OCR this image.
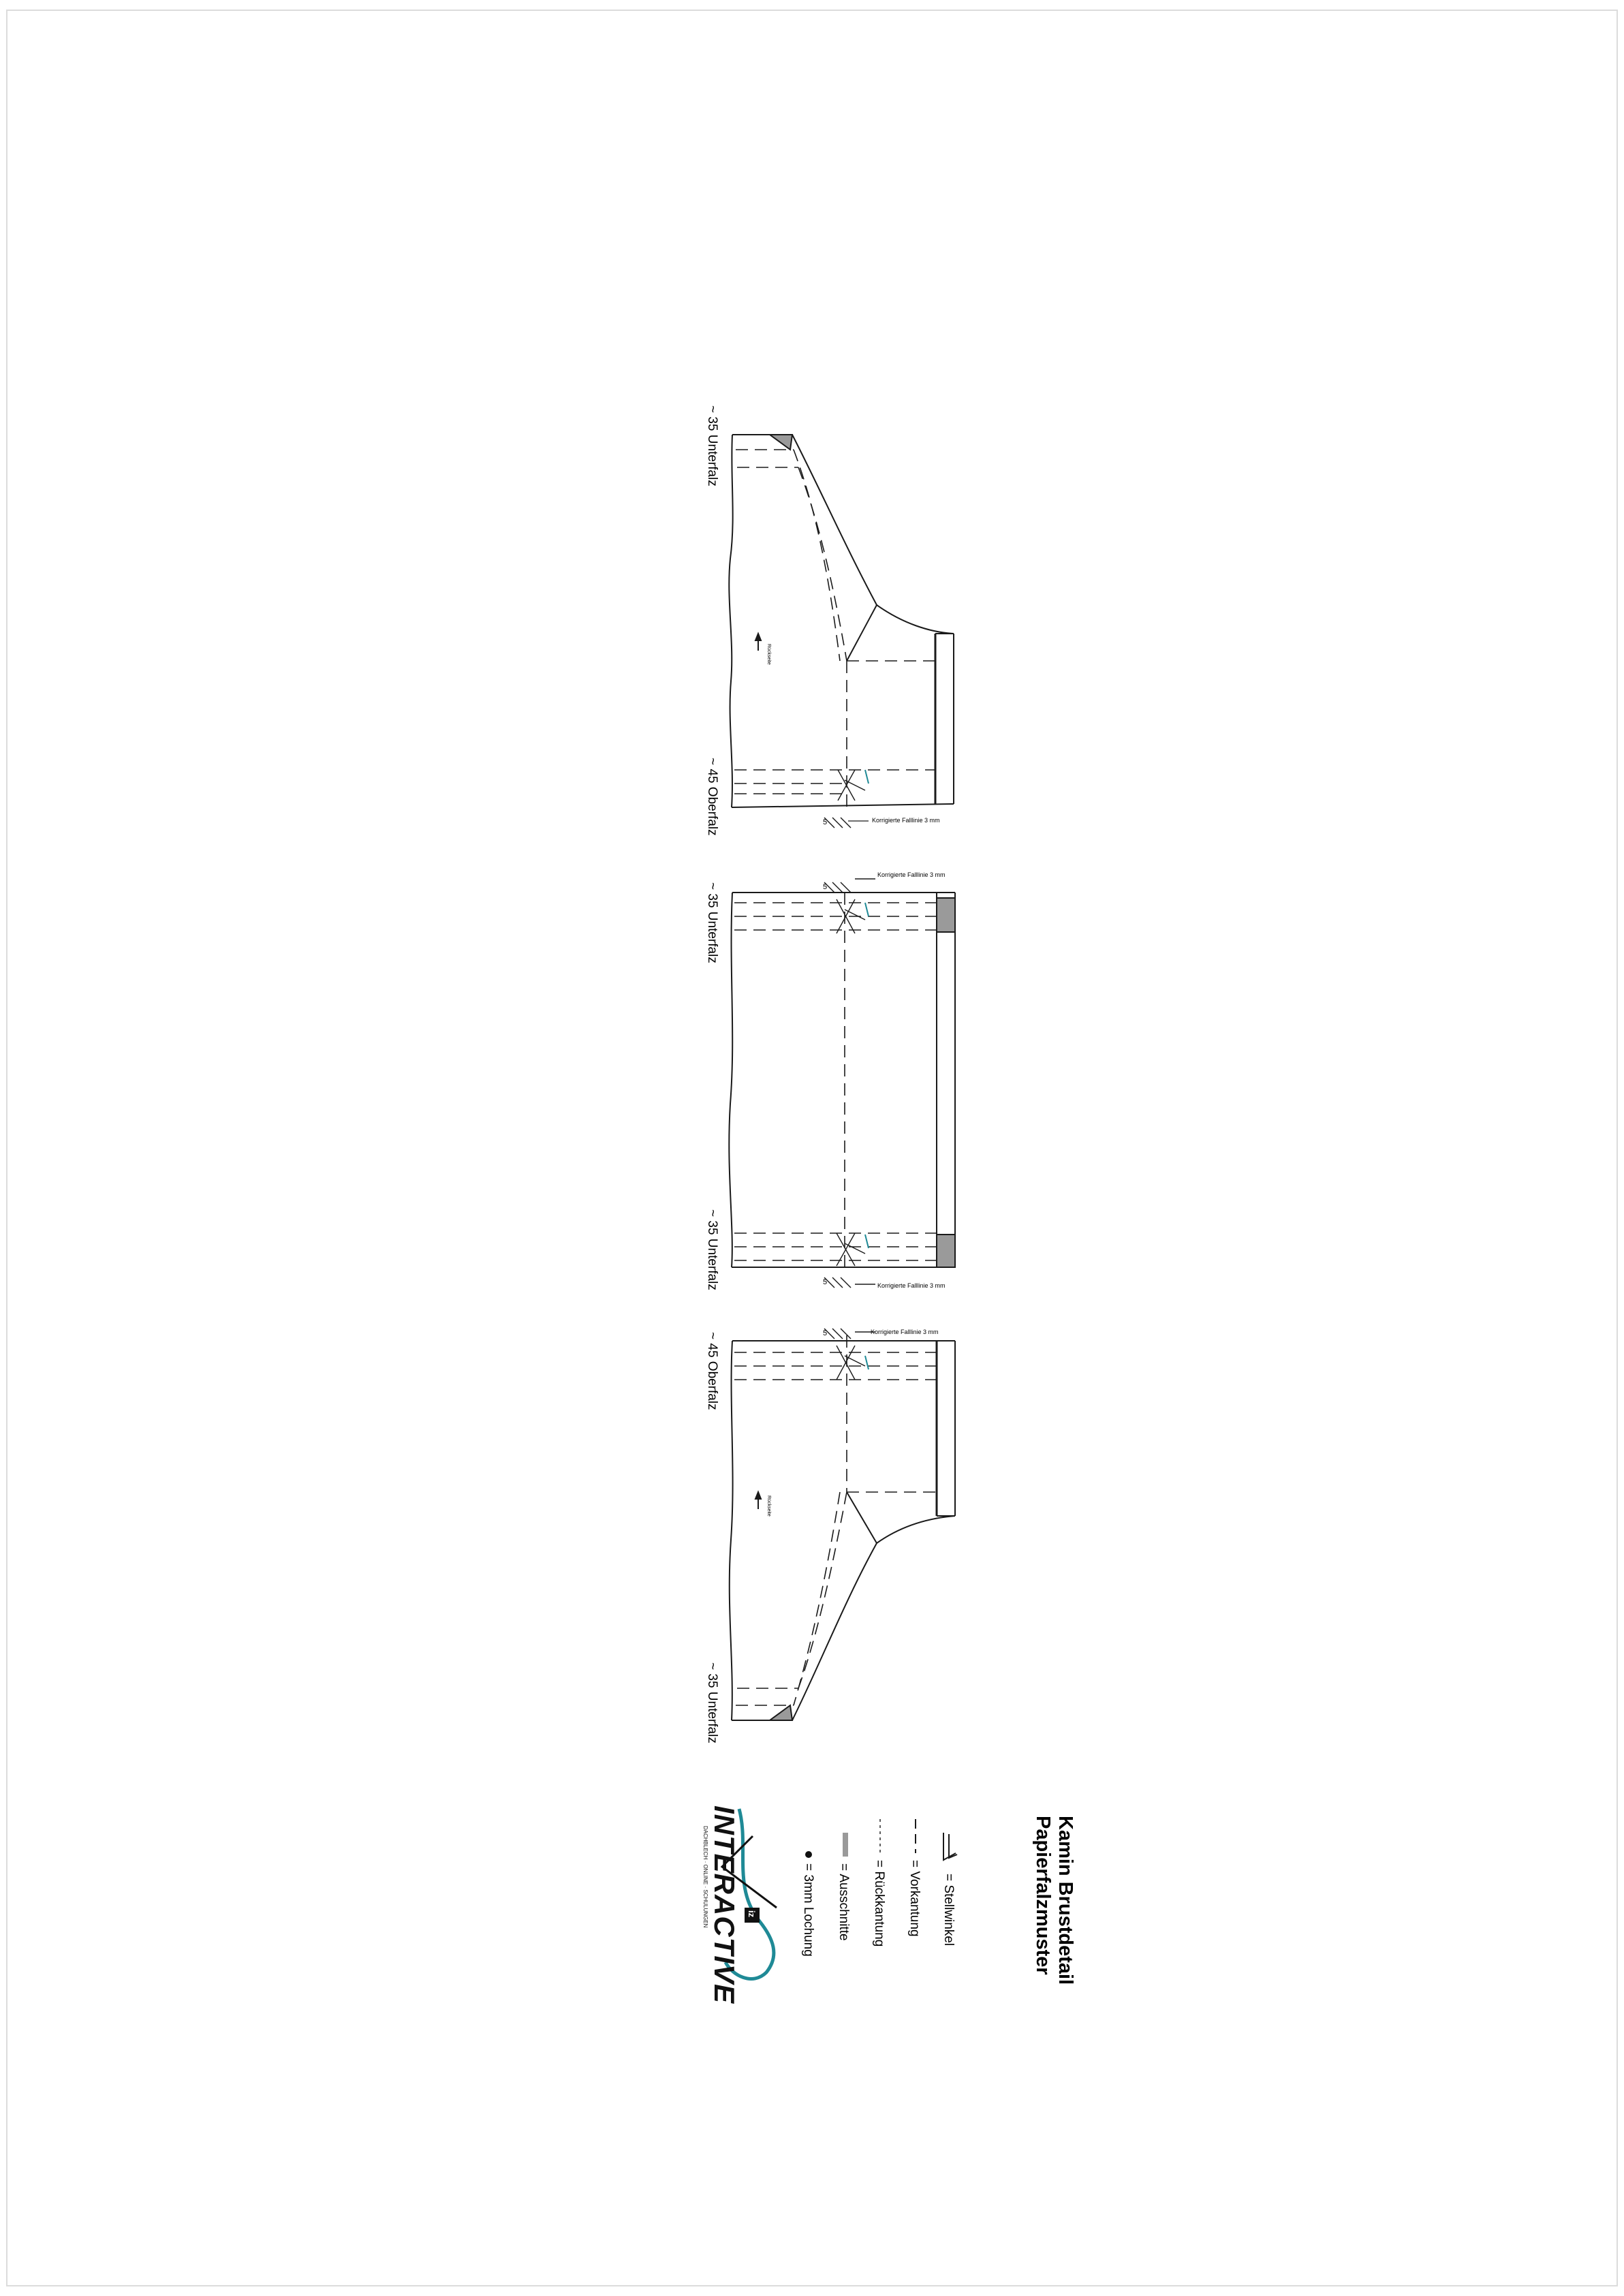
~ 35 Unterfalz
~ 45 Oberfalz
~ 35 Unterfalz
~ 35 Unterfalz
~ 45 Oberfalz
~ 35 Unterfalz
Korrigierte Falllinie 3 mm
Korrigierte Falllinie 3 mm
Korrigierte Falllinie 3 mm
Korrigierte Falllinie 3 mm
Rückseite
Rückseite
5
5
5
5
Kamin Brustdetail
Papierfalzmuster
= Stellwinkel
= Vorkantung
= Rückkantung
= Ausschnitte
= 3mm Lochung
iz
INTERACTIVE
DACHBLECH · ONLINE · SCHULUNGEN
